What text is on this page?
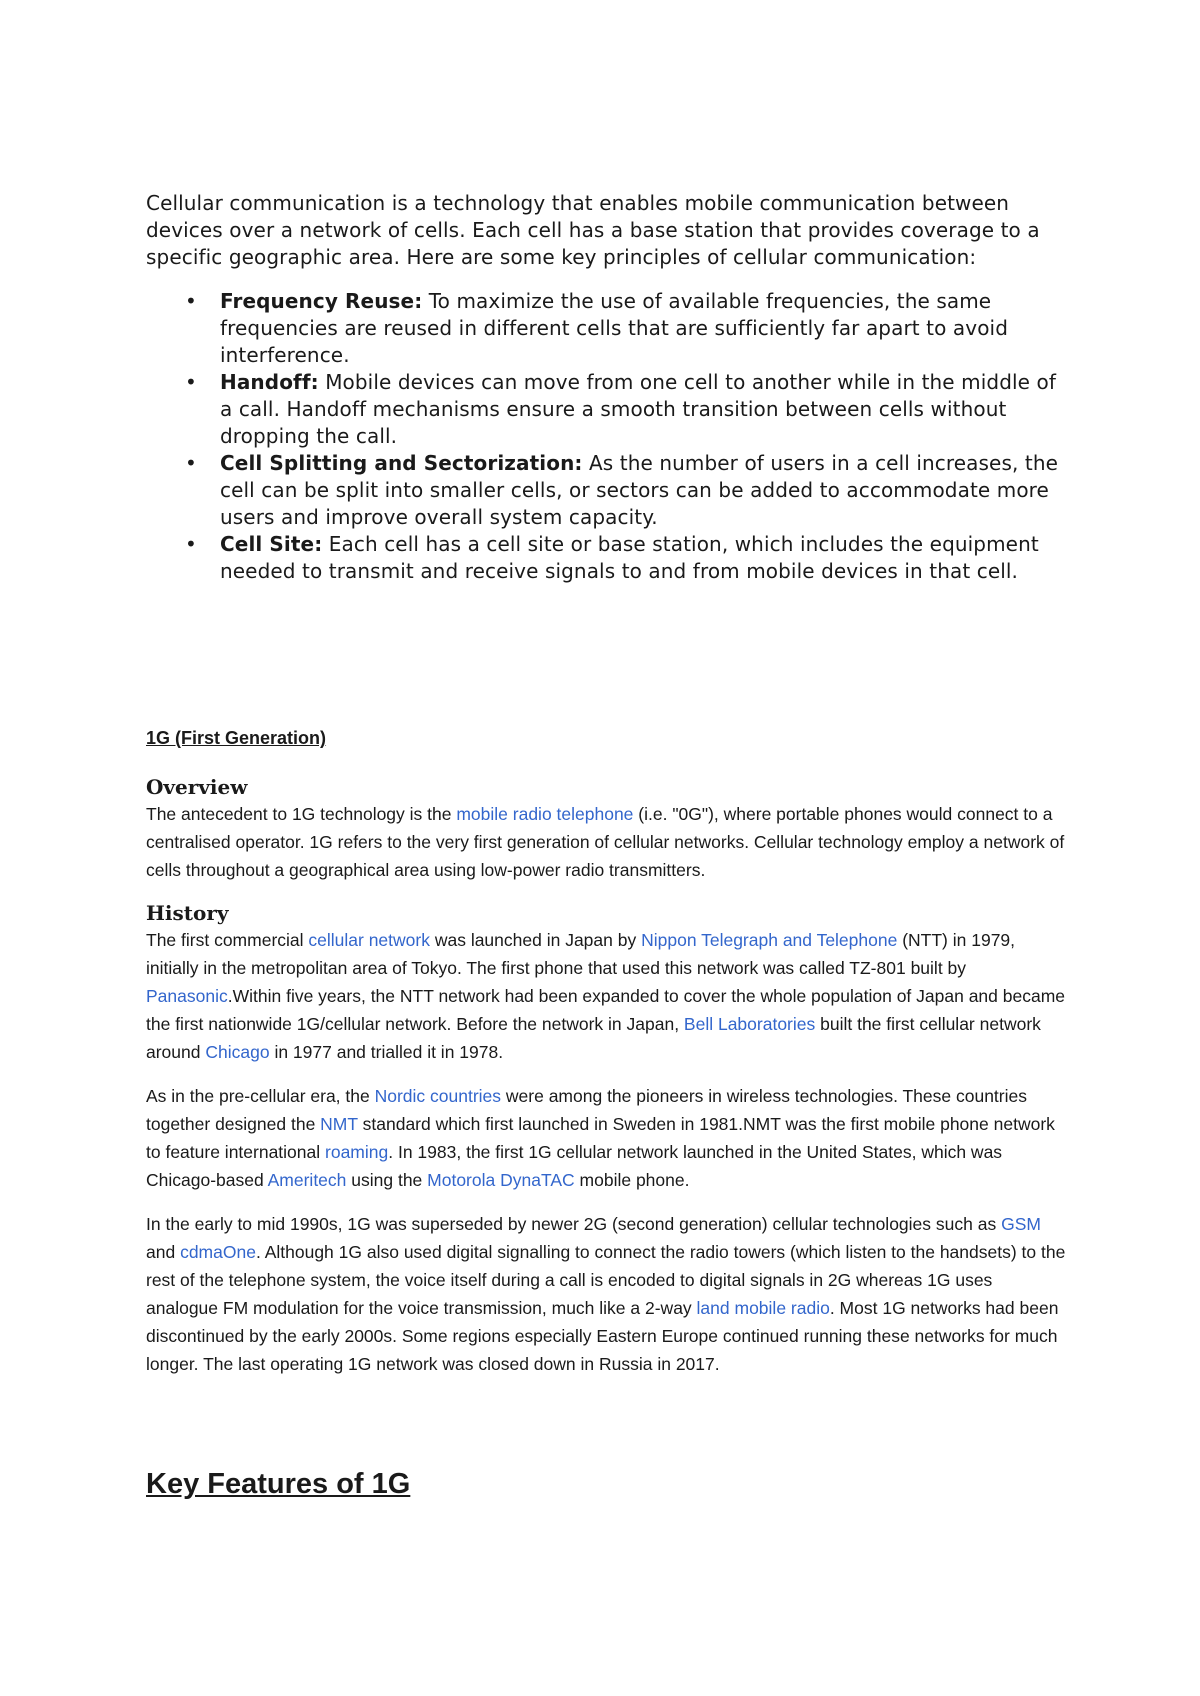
Cellular communication is a technology that enables mobile communication between devices over a network of cells. Each cell has a base station that provides coverage to a specific geographic area. Here are some key principles of cellular communication:

• Frequency Reuse: To maximize the use of available frequencies, the same frequencies are reused in different cells that are sufficiently far apart to avoid interference.
• Handoff: Mobile devices can move from one cell to another while in the middle of a call. Handoff mechanisms ensure a smooth transition between cells without dropping the call.
• Cell Splitting and Sectorization: As the number of users in a cell increases, the cell can be split into smaller cells, or sectors can be added to accommodate more users and improve overall system capacity.
• Cell Site: Each cell has a cell site or base station, which includes the equipment needed to transmit and receive signals to and from mobile devices in that cell.
1G (First Generation)
Overview

The antecedent to 1G technology is the mobile radio telephone (i.e. "0G"), where portable phones would connect to a centralised operator. 1G refers to the very first generation of cellular networks. Cellular technology employ a network of cells throughout a geographical area using low-power radio transmitters.

History

The first commercial cellular network was launched in Japan by Nippon Telegraph and Telephone (NTT) in 1979, initially in the metropolitan area of Tokyo. The first phone that used this network was called TZ-801 built by Panasonic.Within five years, the NTT network had been expanded to cover the whole population of Japan and became the first nationwide 1G/cellular network. Before the network in Japan, Bell Laboratories built the first cellular network around Chicago in 1977 and trialled it in 1978.

As in the pre-cellular era, the Nordic countries were among the pioneers in wireless technologies. These countries together designed the NMT standard which first launched in Sweden in 1981.NMT was the first mobile phone network to feature international roaming. In 1983, the first 1G cellular network launched in the United States, which was Chicago-based Ameritech using the Motorola DynaTAC mobile phone.

In the early to mid 1990s, 1G was superseded by newer 2G (second generation) cellular technologies such as GSM and cdmaOne. Although 1G also used digital signalling to connect the radio towers (which listen to the handsets) to the rest of the telephone system, the voice itself during a call is encoded to digital signals in 2G whereas 1G uses analogue FM modulation for the voice transmission, much like a 2-way land mobile radio. Most 1G networks had been discontinued by the early 2000s. Some regions especially Eastern Europe continued running these networks for much longer. The last operating 1G network was closed down in Russia in 2017.

Key Features of 1G
